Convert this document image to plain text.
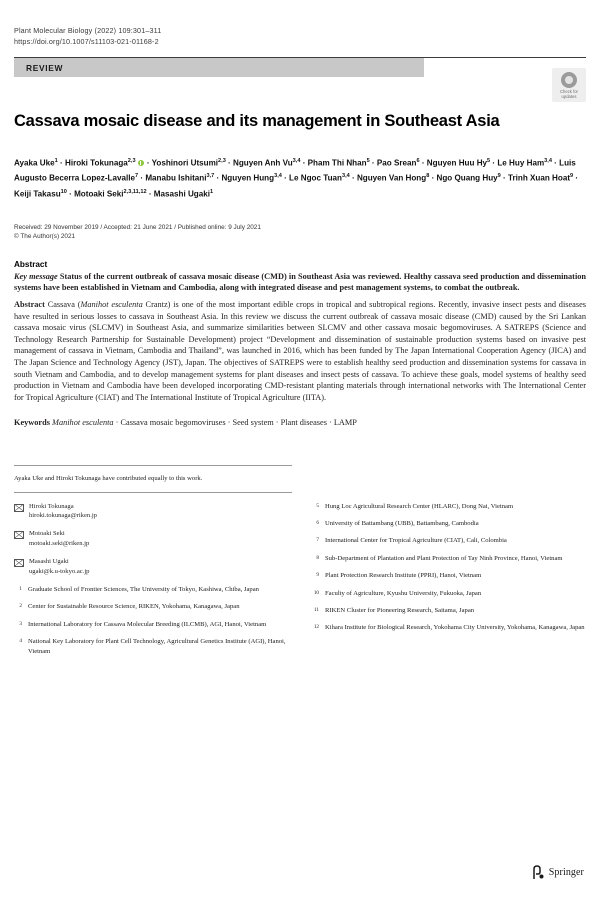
Plant Molecular Biology (2022) 109:301–311
https://doi.org/10.1007/s11103-021-01168-2
REVIEW
Check for
updates
Cassava mosaic disease and its management in Southeast Asia
Ayaka Uke$^1$ · Hiroki Tokunaga$^{2,3}$ · Yoshinori Utsumi$^{2,3}$ · Nguyen Anh Vu$^{3,4}$ · Pham Thi Nhan$^5$ · Pao Srean$^6$ · Nguyen Huu $Hy^5 \cdot Le$ Huy Ham$^{3,4}$ · Luis Augusto Becerra Lopez-Lavalle$^7$ · Manabu Ishitani$^{3,7}$ · Nguyen Hung$^{3,4}$ · Le Ngoc Tuan$^{3,4}$ · Nguyen Van Hong$^8$ · Ngo Quang Huy$^9$ · Trinh Xuan Hoat$^9$ · Keiji Takasu$^{10}$ · Motoaki Seki$^{2,3,11,12}$ · Masashi Ugaki$^1$
Received: 29 November 2019 / Accepted: 21 June 2021 / Published online: 9 July 2021
© The Author(s) 2021
Abstract

Key message Status of the current outbreak of cassava mosaic disease (CMD) in Southeast Asia was reviewed. Healthy cassava seed production and dissemination systems have been established in Vietnam and Cambodia, along with integrated disease and pest management systems, to combat the outbreak.

Abstract Cassava (Manihot esculenta Crantz) is one of the most important edible crops in tropical and subtropical regions. Recently, invasive insect pests and diseases have resulted in serious losses to cassava in Southeast Asia. In this review we discuss the current outbreak of cassava mosaic disease (CMD) caused by the Sri Lankan cassava mosaic virus (SLCMV) in Southeast Asia, and summarize similarities between SLCMV and other cassava mosaic begomoviruses. A SATREPS (Science and Technology Research Partnership for Sustainable Development) project “Development and dissemination of sustainable production systems based on invasive pest management of cassava in Vietnam, Cambodia and Thailand”, was launched in 2016, which has been funded by The Japan International Cooperation Agency (JICA) and The Japan Science and Technology Agency (JST), Japan. The objectives of SATREPS were to establish healthy seed production and dissemination systems for cassava in south Vietnam and Cambodia, and to develop management systems for plant diseases and insect pests of cassava. To achieve these goals, model systems of healthy seed production in Vietnam and Cambodia have been developed incorporating CMD-resistant planting materials through international networks with The International Center for Tropical Agriculture (CIAT) and The International Institute of Tropical Agriculture (IITA).

Keywords Manihot esculenta · Cassava mosaic begomoviruses · Seed system · Plant diseases · LAMP
Ayaka Uke and Hiroki Tokunaga have contributed equally to this work.
Hiroki Tokunaga
hiroki.tokunaga@riken.jp
Motoaki Seki
motoaki.seki@riken.jp
Masashi Ugaki
ugaki@k.u-tokyo.ac.jp
1 Graduate School of Frontier Sciences, The University of Tokyo, Kashiwa, Chiba, Japan
2 Center for Sustainable Resource Science, RIKEN, Yokohama, Kanagawa, Japan
3 International Laboratory for Cassava Molecular Breeding (ILCMB), AGI, Hanoi, Vietnam
4 National Key Laboratory for Plant Cell Technology, Agricultural Genetics Institute (AGI), Hanoi, Vietnam
5 Hung Loc Agricultural Research Center (HLARC), Dong Nai, Vietnam
6 University of Battambang (UBB), Battambang, Cambodia
7 International Center for Tropical Agriculture (CIAT), Cali, Colombia
8 Sub-Department of Plantation and Plant Protection of Tay Ninh Province, Hanoi, Vietnam
9 Plant Protection Research Institute (PPRI), Hanoi, Vietnam
10 Faculty of Agriculture, Kyushu University, Fukuoka, Japan
11 RIKEN Cluster for Pioneering Research, Saitama, Japan
12 Kihara Institute for Biological Research, Yokohama City University, Yokohama, Kanagawa, Japan
Springer
